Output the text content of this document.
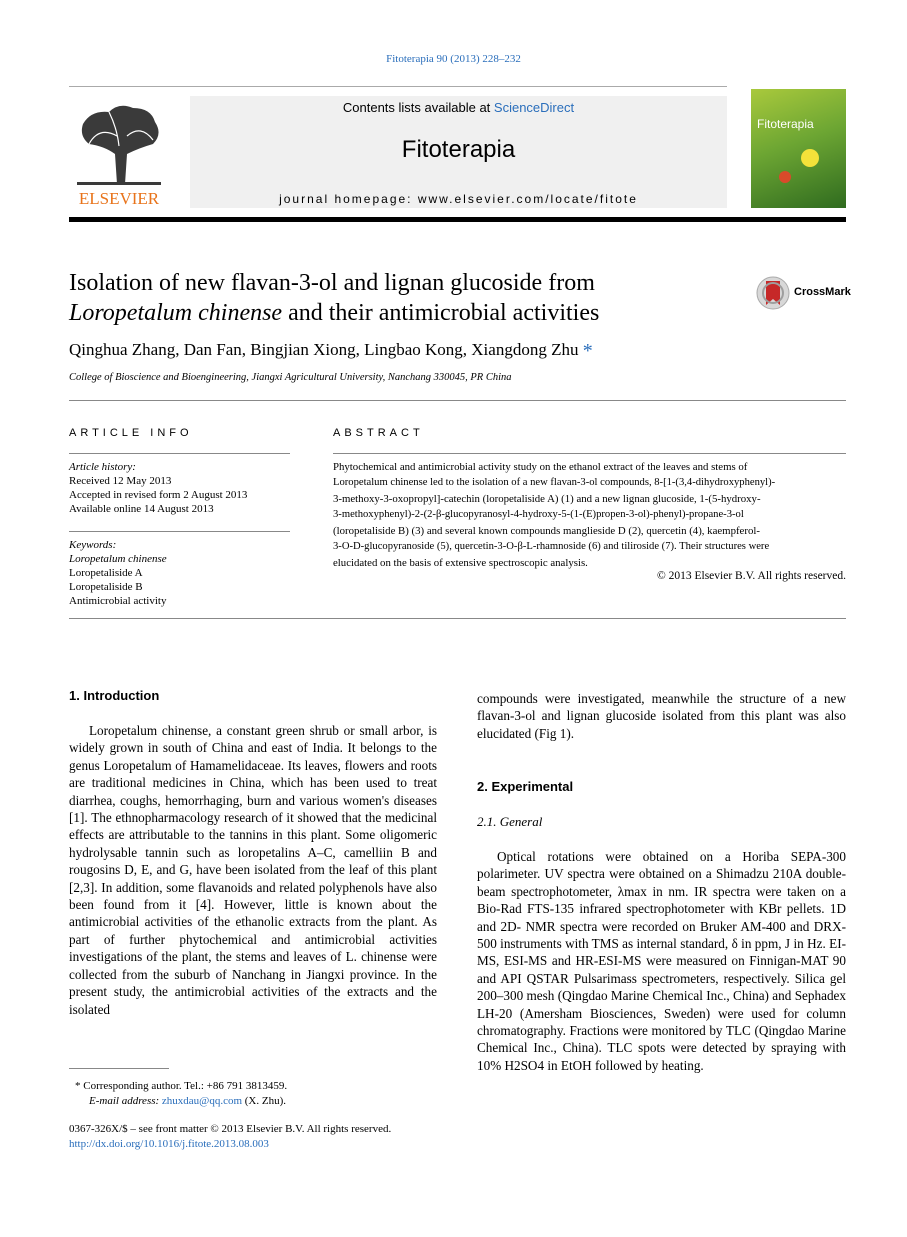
Fitoterapia 90 (2013) 228–232
ELSEVIER
Contents lists available at ScienceDirect
Fitoterapia
journal homepage: www.elsevier.com/locate/fitote
Fitoterapia
Isolation of new flavan-3-ol and lignan glucoside from
Loropetalum chinense and their antimicrobial activities
CrossMark
Qinghua Zhang, Dan Fan, Bingjian Xiong, Lingbao Kong, Xiangdong Zhu *
College of Bioscience and Bioengineering, Jiangxi Agricultural University, Nanchang 330045, PR China
ARTICLE INFO
Article history:
Received 12 May 2013
Accepted in revised form 2 August 2013
Available online 14 August 2013
Keywords:
Loropetalum chinense
Loropetaliside A
Loropetaliside B
Antimicrobial activity
ABSTRACT
Phytochemical and antimicrobial activity study on the ethanol extract of the leaves and stems of
Loropetalum chinense led to the isolation of a new flavan-3-ol compounds, 8-[1-(3,4-dihydroxyphenyl)-
3-methoxy-3-oxopropyl]-catechin (loropetaliside A) (1) and a new lignan glucoside, 1-(5-hydroxy-
3-methoxyphenyl)-2-(2-β-glucopyranosyl-4-hydroxy-5-(1-(E)propen-3-ol)-phenyl)-propane-3-ol
(loropetaliside B) (3) and several known compounds manglieside D (2), quercetin (4), kaempferol-
3-O-D-glucopyranoside (5), quercetin-3-O-β-L-rhamnoside (6) and tiliroside (7). Their structures were
elucidated on the basis of extensive spectroscopic analysis.
© 2013 Elsevier B.V. All rights reserved.
1. Introduction

Loropetalum chinense, a constant green shrub or small arbor, is widely grown in south of China and east of India. It belongs to the genus Loropetalum of Hamamelidaceae. Its leaves, flowers and roots are traditional medicines in China, which has been used to treat diarrhea, coughs, hemorrhaging, burn and various women's diseases [1]. The ethnopharmacology research of it showed that the medicinal effects are attributable to the tannins in this plant. Some oligomeric hydrolysable tannin such as loropetalins A–C, camelliin B and rougosins D, E, and G, have been isolated from the leaf of this plant [2,3]. In addition, some flavanoids and related polyphenols have also been found from it [4]. However, little is known about the antimicrobial activities of the ethanolic extracts from the plant. As part of further phytochemical and antimicrobial activities investigations of the plant, the stems and leaves of L. chinense were collected from the suburb of Nanchang in Jiangxi province. In the present study, the antimicrobial activities of the extracts and the isolated

compounds were investigated, meanwhile the structure of a new flavan-3-ol and lignan glucoside isolated from this plant was also elucidated (Fig 1).

2. Experimental
2.1. General

Optical rotations were obtained on a Horiba SEPA-300 polarimeter. UV spectra were obtained on a Shimadzu 210A double-beam spectrophotometer, λmax in nm. IR spectra were taken on a Bio-Rad FTS-135 infrared spectrophotometer with KBr pellets. 1D and 2D- NMR spectra were recorded on Bruker AM-400 and DRX-500 instruments with TMS as internal standard, δ in ppm, J in Hz. EI-MS, ESI-MS and HR-ESI-MS were measured on Finnigan-MAT 90 and API QSTAR Pulsarimass spectrometers, respectively. Silica gel 200–300 mesh (Qingdao Marine Chemical Inc., China) and Sephadex LH-20 (Amersham Biosciences, Sweden) were used for column chromatography. Fractions were monitored by TLC (Qingdao Marine Chemical Inc., China). TLC spots were detected by spraying with 10% H2SO4 in EtOH followed by heating.

* Corresponding author. Tel.: +86 791 3813459.
E-mail address: zhuxdau@qq.com (X. Zhu).
0367-326X/$ – see front matter © 2013 Elsevier B.V. All rights reserved.
http://dx.doi.org/10.1016/j.fitote.2013.08.003
